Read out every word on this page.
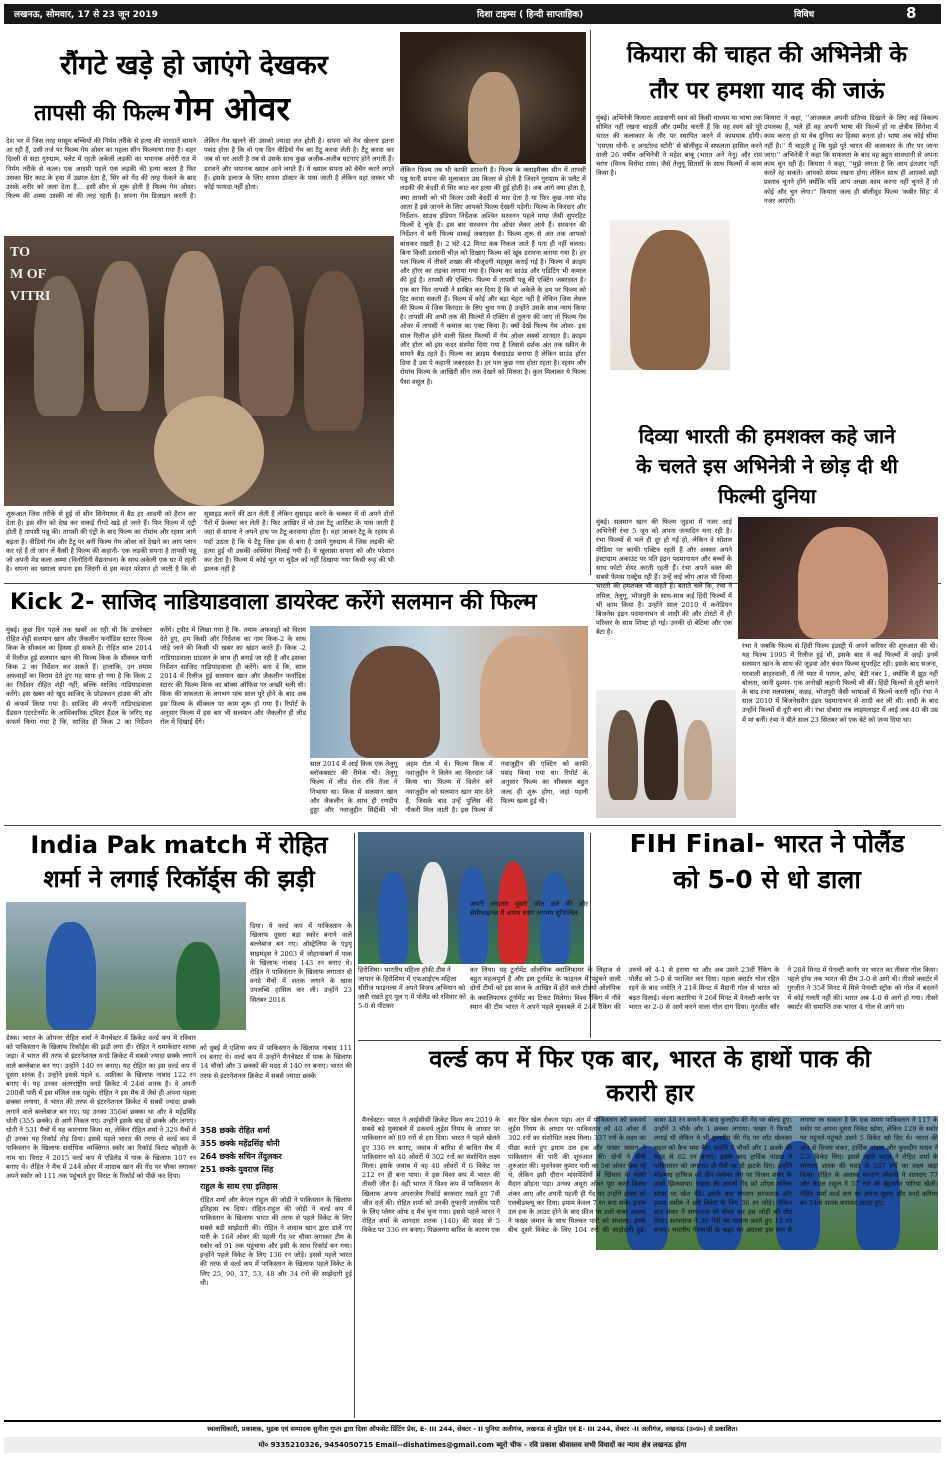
लखनऊ, सोमवार, 17 से 23 जून 2019	दिशा टाइम्स ( हिन्दी साप्ताहिक)	विविध	8
रौंगटे खड़े हो जाएंगे देखकर
तापसी की फिल्म गेम ओवर
देश भर में जिस तरह मासूम बच्चियों की निर्मम तरीके से हत्या की वारदातें सामने आ रही हैं, उसी तर्ज पर फिल्म गेम ओवर का पहला सीन फिल्माया गया है। शहर दिल्ली से सटा गुरुग्राम, फ्लेट में रहती अकेली लड़की का भयानक अंधेरी रात में निर्मम तरीके से कत्ल। एक आदमी पहले एक लड़की की हत्या करता है फिर उसका सिर काट के हवा में उछाल देता है, सिर को गेंद की तरह फेंकने के बाद उसके शरीर को जला देता है… इसी सीन से शुरू होती है फिल्म गेम ओवर। फिल्म की अम्मा उसकी मां की तरह रहती है। सपना गेम डिजाइन करती है। लेकिन गेम खलने की उसको ज्यादा लत होती है। सपना को गेम खेलना इतना पसंद होता है कि वो एक दिन वीडियो गेम का टैटू करवा लेती है। टैटू करवा कर जब वो घर आती है तब से उसके साथ कुछ अजीब-अजीब घटनाएं होने लगती हैं। डरावने और भयानक ख्याल आने लगते हैं। ये ख्याल सपना को बेचैन करने लगते हैं। इसके इलाज के लिए सपना डॉक्टर के पास जाती है लेकिन वहां जाकर भी कोई फायदा नहीं होता।
TO
M OF
VITRI
शुरूआत जिस तरीके से हुई वो सीन सिनेमाघर में बैठ हर आदमी को हैरान कर देता है। इस सीन को देख कर वाकई रौंगटे खड़े हो जाते हैं। फिर फिल्म में एंट्री होती है तापसी पन्नू की। तापसी की एंट्री के बाद फिल्म का रोमांच और रहस्य आगे बढ़ता है। वीडियो गेम और टैटू पर बनी फिल्म गेम ओवर को देखने का आप प्लान कर रहे हैं तो जान लें कैसी है फिल्म की कहानी- एक लड़की सपना है तापसी पन्नू जो अपनी मेड कला अम्मा (विनोदिनी वैद्यनाथन) के साथ अकेली एक घर में रहती है। सपना का ख्याला सपना इस जिंदगी से इस कदर परेशान हो जाती है कि वो सुसाइड करने की ठान लेती है लेकिन सुसाइड करने के चक्कर में वो अपने दोनों पैरों में फ्रेक्चर कर लेती है। फिर आखिर में वो उस टैटू आर्टिस्ट के पास जाती है जहां से सपना ने अपने हाथ पर टैटू करवाया होता है। वहां जाकर टैटू के रहस्य से पर्दा उठता है कि ये टैटू जिस इंक से बना है उसमें गुरुग्राम में जिस लड़की की हत्या हुई थी उसकी अस्थियां मिलाई गयी हैं। ये खुलासा सपना को और परेशान कर देता है। फिल्म में कोई भूत या चुड़ैल को नहीं दिखाया गया किसी रूह की भी झलक नहीं है
लेकिन फिल्म तब भी काफी डरावनी है। फिल्म के क्लाइमैक्स सीन में तापसी पन्नू यानी सपना की मुलाकात उस किलर से होती है जिसने गुरुग्राम के फ्लैट में लड़की की बेदर्दी से सिर काट कर हत्या की हुई होती है। अब आगे क्या होता है, क्या तापसी को भी किलर उसी बेदर्दी से मार देता है या फिर कुछ नया मोड़ आता है इसे जानने के लिए आपको फिल्म देखनी पड़ेगी। फिल्म के किरदार और निर्देशन- साउथ इंडियन निर्देशक अश्विन सरवनन पहले माया जैसी सुपरहिट फिल्में दे चुके हैं। इस बार सरवनन गेम ओवर लेकर आये हैं। सरवनन की निर्देशन में बनी फिल्म वाकई जबरदस्त है। फिल्म शुरू से अंत तक आपको बांधकर रखती है। 2 घंटे 42 मिनट कब निकल जाते हैं पता ही नहीं चलता। बिना किसी डरावनी चीज़ को दिखाए फिल्म को खूब डरावना बनाया गया है। हर पल फिल्म में तीसरे शख्स की मौजूदगी महसूस कराई गई है। फिल्म में क्राइम और हॉरर का तड़का लगाया गया है। फिल्म का साउंड और एडिटिंग भी कमाल की हुई है। तापसी की एक्टिंग- फिल्म में तापसी पन्नू की एक्टिंग जबरदस्त है। एक बार फिर तापसी ने साबित कर दिया है कि वो अकेले के दम पर फिल्म को हिट करवा सकती हैं। फिल्म में कोई और बड़ा चेहरा नहीं है लेकिन जिस लेवल की फिल्म में जिस किरदार के लिए चुना गया है उन्होंने उसके साथ न्याय किया है। तापसी की अभी तक की फिल्मों में एक्टिंग से तुलना की जाए तो फिल्म गेम ओवर में तापसी ने कमाल का एक्ट किया है। क्यों देखें फिल्म गेम ओवर- इस साल रिलीज होने वाली थ्रिलर फिल्मों में गेम ओवर सबसे शानदार है। क्राइम और हॉरर को इस कदर संस्पेंस दिया गया है जिससे दर्शक अंत तक स्क्रीन के सामने बैठ रहते हैं। फिल्म का क्राइम थैकग्राउंड बनाया है लेकिन साउंड हॉरर दिया है उस पे कहानी जबरदस्त है। हर पल कुछ नया होता रहता है। रहस्य और रोमांच फिल्म के आखिरी सीन तक देखने को मिलता है। कुल मिलाकर ये फिल्म पैसा वसूल है।
कियारा की चाहत की अभिनेत्री के
तौर पर हमशा याद की जाऊं
मुंबई। अभिनेत्री कियारा आडवाणी स्वयं को किसी माध्यम या भाषा तक सीमित नहीं रखना चाहतीं और उम्मीद करती हैं कि वह स्वयं को पूरे भारत की कलाकार के तौर पर स्थापित करने में कामयाब होंगी। 'एमएस धोनी- द अनटोल्ड स्टोरी' से बॉलीवुड में सफलता हासिल करने वाली 26 वर्षीय अभिनेत्री ने महेश बाबू (भारत अने नेनू) और राम चरण (विनय विधेया रामा) जैसे तेलुगू सितारों के साथ फिल्मों में काम किया है।
कियारा ने कहा, ''आजकल अपनी प्रतिभा दिखाने के लिए कई विकल्प उपलब्ध हैं, भले ही वह अपनी भाषा की फिल्में हों या क्षेत्रीय सिनेमा में काम करना हो या वेब दुनिया का हिस्सा बनना हो। भाषा अब कोई सीमा नहीं है।'' मैं चाहती हूं कि मुझे पूरे भारत की कलाकार के तौर पर जाना जाए।'' अभिनेत्री ने कहा कि सफलता के बाद वह बहुत सावधानी से अपना काम चुन रही हैं। कियारा ने कहा, ''मुझे लगता है कि आप इंतजार नहीं करते रह सकते। आपको संयम रखना होगा लेकिन साथ ही आपको सही प्रस्ताव चुनने होंगे क्योंकि यदि आप अच्छा काम करना नहीं चुनते हैं तो कोई और चुन लेगा।'' कियारा जल्द ही बॉलीवुड फिल्म 'कबीर सिंह' में नजर आएंगी।
दिव्या भारती की हमशक्ल कहे जाने
के चलते इस अभिनेत्री ने छोड़ दी थी
फिल्मी दुनिया
मुंबई। सलमान खान की फिल्म जुड़वां में नजर आई अभिनेत्री रंभा 5 जून को अपना जन्मदिन मना रही है। रंभा फिल्मों से भले ही दूर हो गई हो, लेकिन वे सोशल मीडिया पर काफी एक्टिव रहती हैं और अक्सर अपने इंस्टाग्राम अकाउंट पर पति इंद्रन पदमानाथन और बच्चों के साथ फोटो शेयर करती रहती हैं। रंभा अपने वक्त की सबसे फेमस एक्ट्रेस रही हैं। उन्हें कई लोग आज भी दिव्या भारती की हमशक्ल भी कहते हैं। बताते चलें कि, रंभा ने तमिल, तेलुगू, भोजपुरी के साथ-साथ कई हिंदी फिल्मों में भी काम किया है। उन्होंने साल 2010 में कनेडियन बिजनेस इंद्रन पदमानाभन से शादी की और टोरंटो में ही परिवार के साथ शिफ्ट हो गई। उनकी दो बेटियां और एक बेटा है।
रंभा ने जबकि फिल्म से हिंदी फिल्म इंडस्ट्री में अपने करियर की शुरुआत की थी। यह फिल्म 1995 में रिलीज हुई थी, इसके बाद वे कई फिल्मों में आईं। इनमें सलमान खान के साथ की जुड़वां और बंधन फिल्म सुपरहिट रही। इसके बाद सजना, घरवाली बाहरवाली, मैं तेरे प्यार में पागल, क्रोध, बेटी नंबर 1, क्योंकि मैं झूठ नहीं बोलता, जानी दुश्मन- एक अनोखी कहानी फिल्में भी कीं। हिंदी फिल्मों से दूरी बनाने के बाद रंभा मलयालम, कन्नड़, भोजपुरी जैसी भाषाओं में फिल्में करती रहीं। रंभा ने साल 2010 में बिजनेसमैन इंद्रन पदमानाभन से शादी कर ली थी। शादी के बाद उन्होंने फिल्मों से दूरी बना ली। रंभा दोबारा तब लाइमलाइट में आई जब 40 की उम्र में मां बनीं। रंभा ने बीते साल 23 सितंबर को एक बेटे को जन्म दिया था।
Kick 2- साजिद नाडियाडवाला डायरेक्ट करेंगे सलमान की फिल्म
मुंबई। कुछ दिन पहले तक खबरें आ रही थी कि डायरेक्टर रोहित शेट्टी सलमान खान और जैकलीन फर्नांडिस स्टारर फिल्म किक के सीक्वल का हिस्सा हो सकते हैं। रोहित साल 2014 में रिलीज हुई सलमान खान की फिल्म किक के सीक्वल यानी किक 2 का निर्देशन कर सकते हैं। हालांकि, उन तमाम अफवाहों का विराम देते हुए यह साफ हो गया है कि किक 2 का निर्देशन रोहित शेट्टी नहीं, बल्कि साजिद नाडियाडवाला करेंगे। इस खबर को खुद साजिद के प्रोडक्शन हाउस की ओर से कंफर्म किया गया है। साजिद की कंपनी नाडियाडवाला ग्रैंडसन एंटरटेनमेंट के आधिकारिक ट्विटर हैंडल के जरिए यह कंफर्म किया गया है कि, साजिद ही किक 2 का निर्देशन करेंगे। ट्वीट में लिखा गया है कि- तमाम अफवाहों को विराम देते हुए, हम किसी और निर्देशक का नाम किक-2 के साथ जोड़े जाने की किसी भी खबर का खंडन करते हैं। किक -2 नाडियाडवाला ग्रांडसन के साथ ही बनाई जा रही है और इसका निर्देशन साजिद नाडियाडवाला ही करेंगे। बता दें कि, साल 2014 में रिलीज हुई सलमान खान और जैकलीन फर्नांडिस स्टारर की फिल्म किक का बॉक्स ऑफिस पर अच्छी चली थी। किक की सफलता के लगभग पांच साल पूरे होने के बाद अब इस फिल्म के सीक्वल पर काम शुरू हो गया है। रिपोर्ट के अनुसार फिल्म में इस बार भी सलमान और जैकलीन ही लीड रोल में दिखाई देंगे।
साल 2014 में आई किक एक तेलुगू ब्लॉकबस्टर की रीमेक थी। तेलुगू फिल्म में लीड रोल रवि तेजा ने निभाया था। किक में सलमान खान और जैकलीन के साथ ही रणदीप हुड्डा और नवाजुद्दीन सिद्दीकी भी अहम रोल में थे। फिल्म किक में नवाजुद्दीन ने विलेन का किरदार प्ले किया था। फिल्म में विलेन बने नवाजुद्दीन को सलमान खान मार देते हैं, जिसके बाद उन्हें पुलिस की नौकरी मिल जाती है। इस फिल्म में नवाजुद्दीन की एक्टिंग को काफी पसंद किया गया था। रिपोर्ट के अनुसार फिल्म का सीक्वल बहुत जल्द ही शुरू होगा, जहां पहली फिल्म खत्म हुई थी।
India Pak match में रोहित
शर्मा ने लगाई रिकॉर्ड्स की झड़ी
दिया। ये वर्ल्ड कप में पाकिस्तान के खिलाफ दूसरा बड़ा स्कोर बनाने वाले बल्लेबाज बन गए। ऑस्ट्रेलिया के एंड्रयू साइमंड्स ने 2003 में जोहान्सबर्ग में पाक के खिलाफ नाबाद 143 रन बनाए थे। रोहित ने पाकिस्तान के खिलाफ लगातार दो वनडे मैचों में शतक लगाने के खास उपलब्धि हासिल कर ली। उन्होंने 23 सितंबर 2018
डेस्क। भारत के ओपनर रोहित शर्मा ने मैनचेस्टर में क्रिकेट वर्ल्ड कप में रविवार को पाकिस्तान के खिलाफ रिकॉर्ड्स की झड़ी लगा दी। रोहित ने धमाकेदार शतक जड़ा। वे भारत की तरफ से इंटरनेशनल वनडे क्रिकेट में सबसे ज्यादा छक्के लगाने वाले बल्लेबाज बन गए। उन्होंने 140 रन बनाए। यह रोहित का इस वर्ल्ड कप में दूसरा शतक है। उन्होंने इससे पहले द. अफ्रीका के खिलाफ नाबाद 122 रन बनाए थे। यह उनका अंतरराष्ट्रीय वनडे क्रिकेट में 24वां शतक है। वे अपनी 200वीं पारी में इस मंजिल तक पहुंचे। रोहित ने इस मैच में जैसे ही अपना पहला छक्का लगाया, वे भारत की तरफ से इंटरनेशनल क्रिकेट में सबसे ज्यादा छक्के लगाने वाले बल्लेबाज बन गए। यह उनका 356वां छक्का था और वे महेंद्रसिंह धोनी (355 छक्के) से आगे निकल गए। उन्होंने इसके बाद दो छक्के और लगाए। धोनी ने 531 मैचों में यह कारनामा किया था, लेकिन रोहित शर्मा ने 329 मैचों में ही उनका यह रिकॉर्ड तोड़ दिया। इससे पहले भारत की तरफ से वर्ल्ड कप में पाकिस्तान के खिलाफ सर्वाधिक व्यक्तिगत स्कोर का रिकॉर्ड विराट कोहली के नाम था। विराट ने 2015 वर्ल्ड कप में एडिलेड में पाक के खिलाफ 107 रन बनाए थे। रोहित ने मैच में 24वें ओवर में शादाब खान की गेंद पर चौका लगाकर अपने स्कोर को 111 तक पहुंचाते हुए विराट के रिकॉर्ड को पीछे कर दिया।
को दुबई में एशिया कप में पाकिस्तान के खिलाफ नाबाद 111 रन बनाए थे। वर्ल्ड कप में उन्होंने मैनचेस्टर में पाक के खिलाफ 14 चौकों और 3 छक्कों की मदद से 140 रन बनाए। भारत की तरफ से इंटरनेशनल क्रिकेट में सबसे ज्यादा छक्के
358 छक्के रोहित शर्मा
355 छक्के महेंद्रसिंह धोनी
264 छक्के सचिन तेंदुलकर
251 छक्के युवराज सिंह
राहुल के साथ रचा इतिहास
रोहित शर्मा और केएल राहुल की जोड़ी ने पाकिस्तान के खिलाफ इतिहास रच दिया। रोहित-राहुल की जोड़ी ने वर्ल्ड कप में पाकिस्तान के खिलाफ भारत की तरफ से पहले विकेट के लिए सबसे बड़ी साझेदारी की। रोहित ने शादाब खान द्वारा डाले गए पारी के 16वें ओवर की पहली गेंद पर चौका लगाकर टीम के स्कोर को 91 तक पहुंचाया और इसी के साथ रिकॉर्ड बन गया। इन्होंने पहले विकेट के लिए 136 रन जोड़े। इससे पहले भारत की तरफ से वर्ल्ड कप में पाकिस्तान के खिलाफ पहले विकेट के लिए 25, 90, 37, 53, 48 और 34 रनों की साझेदारी हुई थी।
हिरोशिमा। भारतीय महिला हॉकी टीम ने जापान के हिरोशिमा में एफआईएच महिला सीरीज फाइनल्स में अपने विजय अभियान को जारी रखते हुए पूल ए में पोलैंड को रविवार को 5-0 से पीटकर
FIH Final- भारत ने पोलैंड
को 5-0 से धो डाला
अपनी लगातार दूसरी जीत दर्ज की और सेमीफाइनल में अपना स्थान लगभग सुनिश्चित
कर लिया। यह टूर्नामेंट ओलंपिक क्वालिफायर के लिहाज से बहुत महत्वपूर्ण है और इस टूर्नामेंट के फाइनल में पहुंचने वाली दोनों टीमों को इस साल के आखिर में होने वाले टोक्यो ओलंपिक के क्वालिफायर टूर्नामेंट का टिकट मिलेगा। विश्व रैंकिंग में नौंवे स्थान की टीम भारत ने अपने पहले मुकाबले में 24वें रैंकिंग की उरुग्वे को 4-1 से हराया था और अब उसने 23वीं रैंकिंग के पोलैंड को 5-0 से पराजित कर दिया। पहला क्वार्टर गोल रहित रहने के बाद ज्योति ने 21वें मिनट में मैदानी गोल से भारत को बढ़त दिलाई। वंदना कटारिया ने 26वें मिनट में पेनल्टी कार्नर पर भारत का 2-0 से आगे करने वाला गोल दाग दिया। गुरजीत कौर ने 28वें मिनट में पेनल्टी कार्नर पर भारत का तीसरा गोल किया। पहले हॉफ तक भारत की टीम 3-0 से आगे थी। तीसरे क्वार्टर में गुरजीत ने 35वें मिनट में मिले पेनल्टी स्ट्रोक को गोल में बदलने में कोई गलती नहीं की। भारत अब 4-0 से आगे हो गया। तीसरे क्वार्टर की समाप्ति तक भारत 4 गोल से आगे था।
वर्ल्ड कप में फिर एक बार, भारत के हाथों पाक की
करारी हार
मैनचेस्टर। भारत ने आईसीसी क्रिकेट विश्व कप 2019 के सबसे बड़े मुकाबले में डकवर्थ लुईस नियम के आधार पर पाकिस्तान को 89 रनों से हरा दिया। भारत ने पहले खेलते हुए 336 रन बनाए, जवाब में बारिश से बाधित मैच में पाकिस्तान को 40 ओवरों में 302 रनों का संशोधित लक्ष्य मिला। इसके जवाब में वह 40 ओवरों में 6 विकेट पर 212 रन ही बना पाया। ये इस विश्व कप में भारत की तीसरी जीत है। वहीं भारत ने विश्व कप में पाकिस्तान के खिलाफ अपना अपराजेय रिकॉर्ड बरकरार रखते हुए 7वीं जीत दर्ज की। रोहित शर्मा को उनकी तूफानी शतकीय पारी के लिए प्लेयर ऑफ द मैच चुना गया। इससे पहले भारत ने रोहित शर्मा के शानदार शतक (140) की मदद से 5 विकेट पर 336 रन बनाए। पिछलग्गा बारिश के कारण एक बार फिर खेल रोकना पड़ा। अंत में पाकिस्तान को डकवर्थ लुईस नियम के आधार पर पाकिस्तान को 40 ओवर में 302 रनों का संशोधित लक्ष्य मिला। 337 रनों के लक्ष्य का पीछा करते हुए इमाम उल हक और फखर जमान ने पाकिस्तान की पारी की शुरुआत की। दोनों ने धीमी शुरुआत की। भुवनेश्वर कुमार पारी का 5वां ओवर फेंक रहे थे, लेकिन इसी दौरान मांसपेशियों में खिंचाव के चलते मैदान छोड़ना पड़ा। उनका अधूरा ओवर पूरा करने विजय शंकर आए और अपनी पहली ही गेंद पर उन्होंने इमाम को एलबीडब्ल्यू कर दिया। इमाम केवल 7 रन बना सके। इमाम उल हक के आउट होने के बाद फ्रीज पर उतरे बाबर आजम ने फखर जमान के साथ मिलकर पारी को संभाला। इनके बीच दूसरे विकेट के लिए 104 रनों की साझेदारी हुई। बाबर 48 रन बनाने के बाद कुलदीप की गेंद पर बोल्ड हुए। उन्होंने 3 चौके और 1 छक्का लगाया। फखर ने फिफ्टी लगाई थी लेकिन वे भी कुलदीप की गेंद पर शॉट खेलकर चहल को कैच थमा बैठे। उन्होंने 7 चौकों और 1 छक्के की मदद से 62 रन बनाए। इसके बाद हार्दिक पांड्या ने पाकिस्तान को लगातार दो गेंदों पर दो झटके दिए। उन्होंने मोहम्मद हाफिज को डीप स्क्वेयर लेग पर विजय शंकर के हाथों झिलवाया। पांड्या की अगली गेंद को शोएब मलिक स्टंप्स पर खेल बैठे। इसके बाद कप्तान सरफराज और इमाद वसीम ने छठे विकेट के लिए 36 रन जोड़े। लेकिन बाद शंकर ने सरफराज को बोल्ड कर इस जोड़ी को तोड़ दिया। सरफराज ने 30 गेंदों का सामना करते हुए 12 रन बनाए। भारतीय गेंदबाजों के कहर का अंदाजा इस बात से लगाया जा सकता है कि एक समय पाकिस्तान ने 117 के स्कोर पर अपना दूसरा विकेट खोया, लेकिन 129 के स्कोर पर पहुंचते-पहुंचते उसने 5 विकेट खो दिए थे। भारत की ओर से विजय शंकर, हार्दिक पांड्या और कुलदीप यादव ने 2-2 विकेट लिए। इससे पहले भारत ने रोहित शर्मा के शानदार शतक की मदद से 337 रनों का लक्ष्य खड़ा किया। रोहित के अलावा कप्तान कोहली ने शानदार 77 और केएल राहुल ने 57 रनों की बेहतरीन पारियां खेलीं। रोहित शर्मा वर्ल्ड कप का अपना दूसरा और वनडे करियर का 24वां शतक बनाकर आउट हुए।
स्वत्वाधिकारी, प्रकाशक, मुद्रक एवं सम्पादक सुनीता गुप्ता द्वारा दिशा ऑफसेट प्रिंटिंग प्रेस, E- III 244, सेक्टर - II पुनिया अलीगंज, लखनऊ से मुद्रित एवं E- III 244, सेक्टर -II अलीगंज, लखनऊ (उ०प्र०) से प्रकाशित।
मो० 9335210326, 9454050715 Email--dishatimes@gmail.com ब्यूरो चीफ - रवि प्रकाश श्रीवास्तव सभी विवादों का न्याय क्षेत्र लखनऊ होगा
